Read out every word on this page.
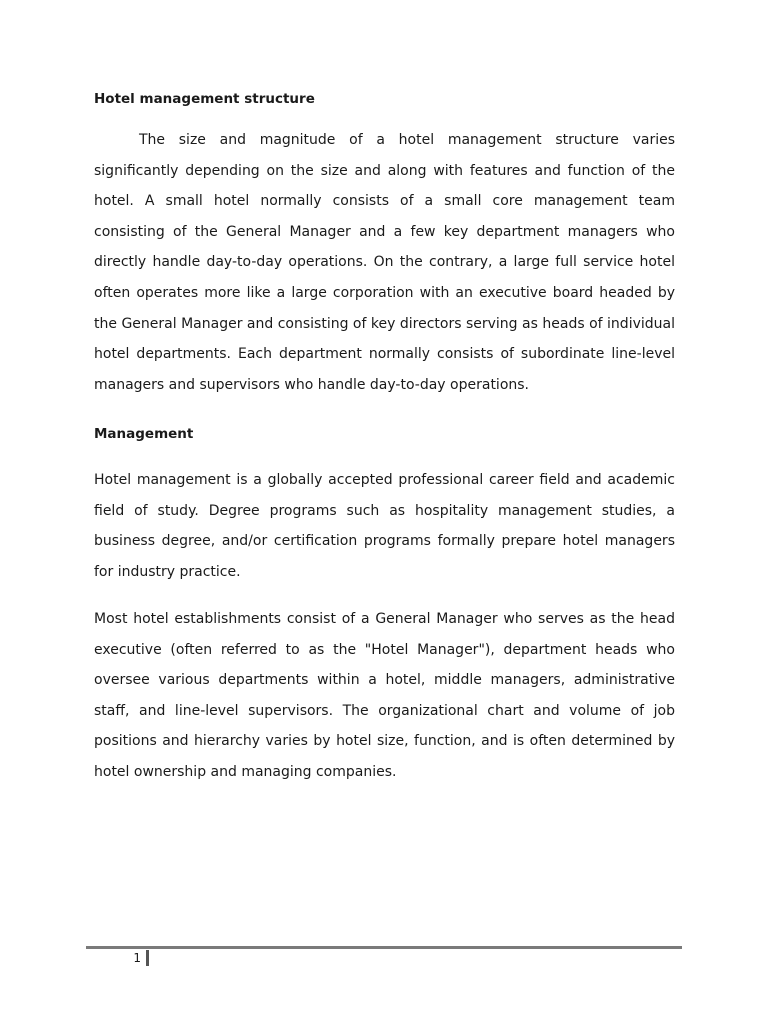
Hotel management structure

The size and magnitude of a hotel management structure varies significantly depending on the size and along with features and function of the hotel. A small hotel normally consists of a small core management team consisting of the General Manager and a few key department managers who directly handle day-to-day operations. On the contrary, a large full service hotel often operates more like a large corporation with an executive board headed by the General Manager and consisting of key directors serving as heads of individual hotel departments. Each department normally consists of subordinate line-level managers and supervisors who handle day-to-day operations.

Management

Hotel management is a globally accepted professional career field and academic field of study. Degree programs such as hospitality management studies, a business degree, and/or certification programs formally prepare hotel managers for industry practice.

Most hotel establishments consist of a General Manager who serves as the head executive (often referred to as the "Hotel Manager"), department heads who oversee various departments within a hotel, middle managers, administrative staff, and line-level supervisors. The organizational chart and volume of job positions and hierarchy varies by hotel size, function, and is often determined by hotel ownership and managing companies.

1
